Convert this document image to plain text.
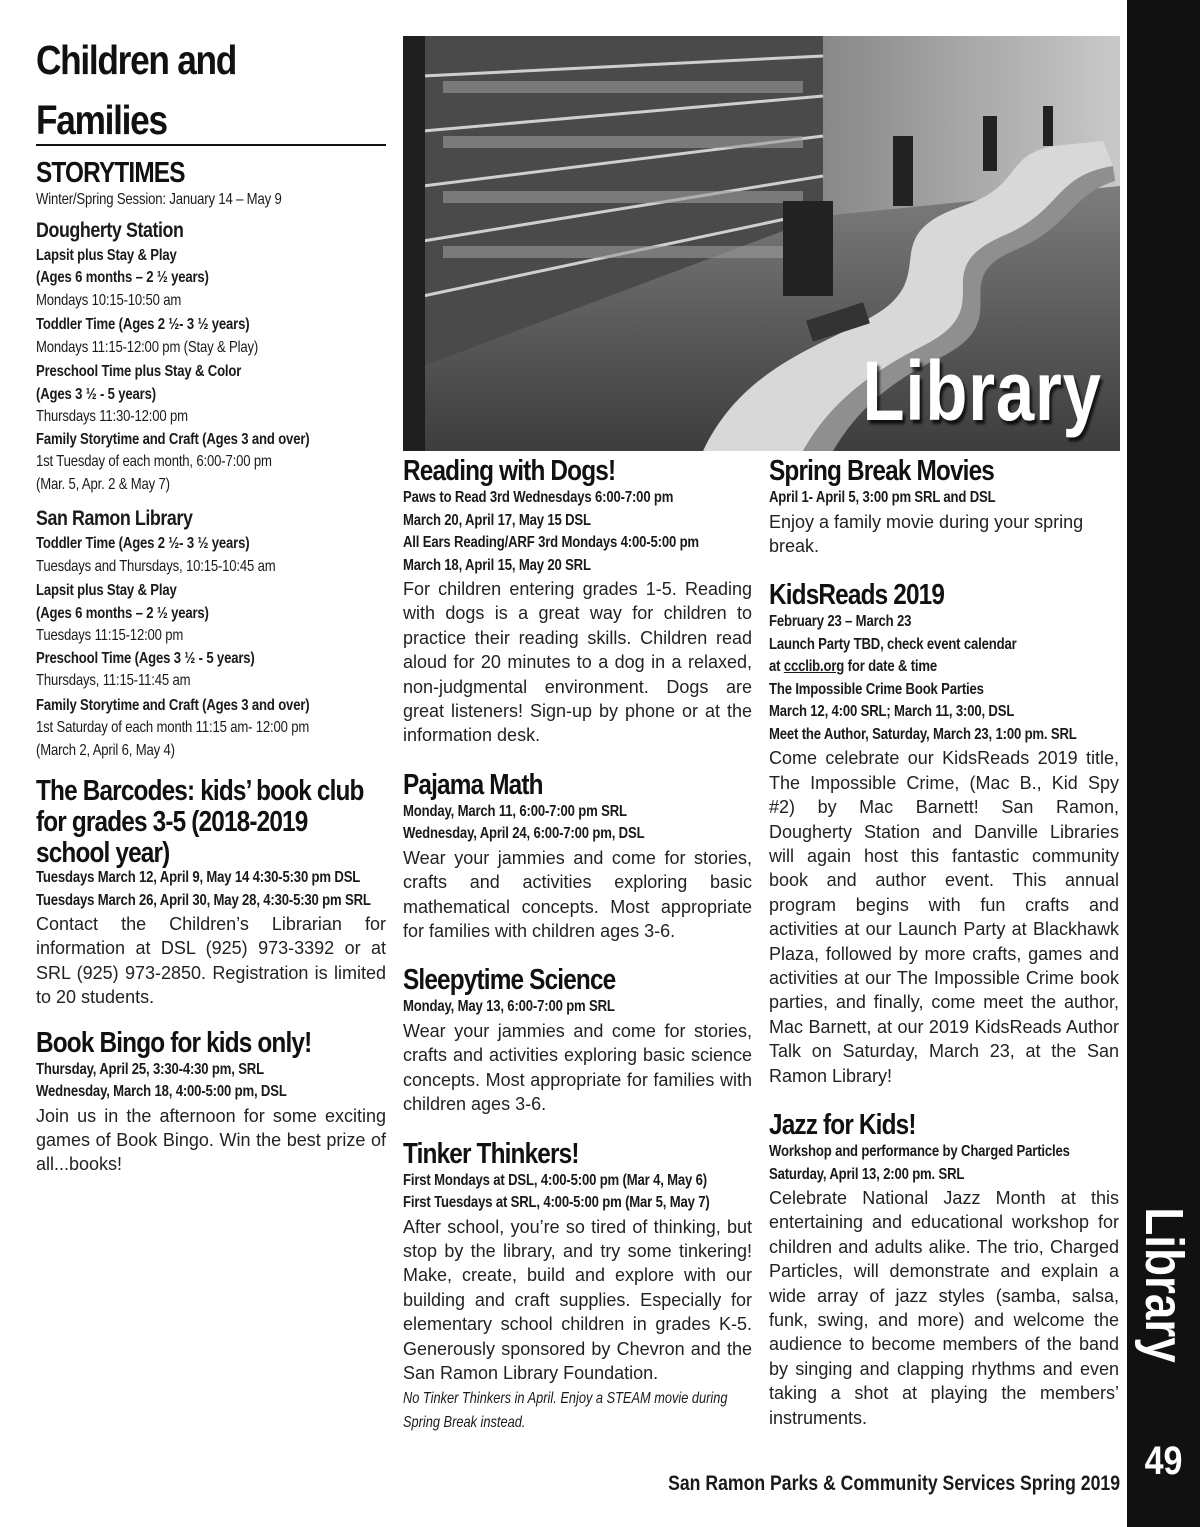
Children and
Families
STORYTIMES

Winter/Spring Session: January 14 – May 9

Dougherty Station

Lapsit plus Stay & Play

(Ages 6 months – 2 ½ years)

Mondays 10:15-10:50 am

Toddler Time (Ages 2 ½- 3 ½ years)

Mondays 11:15-12:00 pm (Stay & Play)

Preschool Time plus Stay & Color

(Ages 3 ½ - 5 years)

Thursdays 11:30-12:00 pm

Family Storytime and Craft (Ages 3 and over)

1st Tuesday of each month, 6:00-7:00 pm

(Mar. 5, Apr. 2 & May 7)

San Ramon Library

Toddler Time (Ages 2 ½- 3 ½ years)

Tuesdays and Thursdays, 10:15-10:45 am

Lapsit plus Stay & Play

(Ages 6 months – 2 ½ years)

Tuesdays 11:15-12:00 pm

Preschool Time (Ages 3 ½ - 5 years)

Thursdays, 11:15-11:45 am

Family Storytime and Craft (Ages 3 and over)

1st Saturday of each month 11:15 am- 12:00 pm

(March 2, April 6, May 4)

The Barcodes: kids’ book club for grades 3-5 (2018-2019 school year)

Tuesdays March 12, April 9, May 14 4:30-5:30 pm DSL

Tuesdays March 26, April 30, May 28, 4:30-5:30 pm SRL

Contact the Children’s Librarian for information at DSL (925) 973-3392 or at SRL (925) 973-2850. Registration is limited to 20 students.

Book Bingo for kids only!

Thursday, April 25, 3:30-4:30 pm, SRL

Wednesday, March 18, 4:00-5:00 pm, DSL

Join us in the afternoon for some exciting games of Book Bingo. Win the best prize of all...books!

Library
Reading with Dogs!

Paws to Read 3rd Wednesdays 6:00-7:00 pm

March 20, April 17, May 15 DSL

All Ears Reading/ARF 3rd Mondays 4:00-5:00 pm

March 18, April 15, May 20 SRL

For children entering grades 1-5. Reading with dogs is a great way for children to practice their reading skills. Children read aloud for 20 minutes to a dog in a relaxed, non-judgmental environment. Dogs are great listeners! Sign-up by phone or at the information desk.

Pajama Math

Monday, March 11, 6:00-7:00 pm SRL

Wednesday, April 24, 6:00-7:00 pm, DSL

Wear your jammies and come for stories, crafts and activities exploring basic mathematical concepts. Most appropriate for families with children ages 3-6.

Sleepytime Science

Monday, May 13, 6:00-7:00 pm SRL

Wear your jammies and come for stories, crafts and activities exploring basic science concepts. Most appropriate for families with children ages 3-6.

Tinker Thinkers!

First Mondays at DSL, 4:00-5:00 pm (Mar 4, May 6)

First Tuesdays at SRL, 4:00-5:00 pm (Mar 5, May 7)

After school, you’re so tired of thinking, but stop by the library, and try some tinkering! Make, create, build and explore with our building and craft supplies. Especially for elementary school children in grades K-5. Generously sponsored by Chevron and the San Ramon Library Foundation.

No Tinker Thinkers in April. Enjoy a STEAM movie during Spring Break instead.

Spring Break Movies

April 1- April 5, 3:00 pm SRL and DSL

Enjoy a family movie during your spring break.

KidsReads 2019

February 23 – March 23

Launch Party TBD, check event calendar

at ccclib.org for date & time

The Impossible Crime Book Parties

March 12, 4:00 SRL; March 11, 3:00, DSL

Meet the Author, Saturday, March 23, 1:00 pm. SRL

Come celebrate our KidsReads 2019 title, The Impossible Crime, (Mac B., Kid Spy #2) by Mac Barnett! San Ramon, Dougherty Station and Danville Libraries will again host this fantastic community book and author event. This annual program begins with fun crafts and activities at our Launch Party at Blackhawk Plaza, followed by more crafts, games and activities at our The Impossible Crime book parties, and finally, come meet the author, Mac Barnett, at our 2019 KidsReads Author Talk on Saturday, March 23, at the San Ramon Library!

Jazz for Kids!

Workshop and performance by Charged Particles

Saturday, April 13, 2:00 pm. SRL

Celebrate National Jazz Month at this entertaining and educational workshop for children and adults alike. The trio, Charged Particles, will demonstrate and explain a wide array of jazz styles (samba, salsa, funk, swing, and more) and welcome the audience to become members of the band by singing and clapping rhythms and even taking a shot at playing the members’ instruments.

Library
49
San Ramon Parks & Community Services Spring 2019
